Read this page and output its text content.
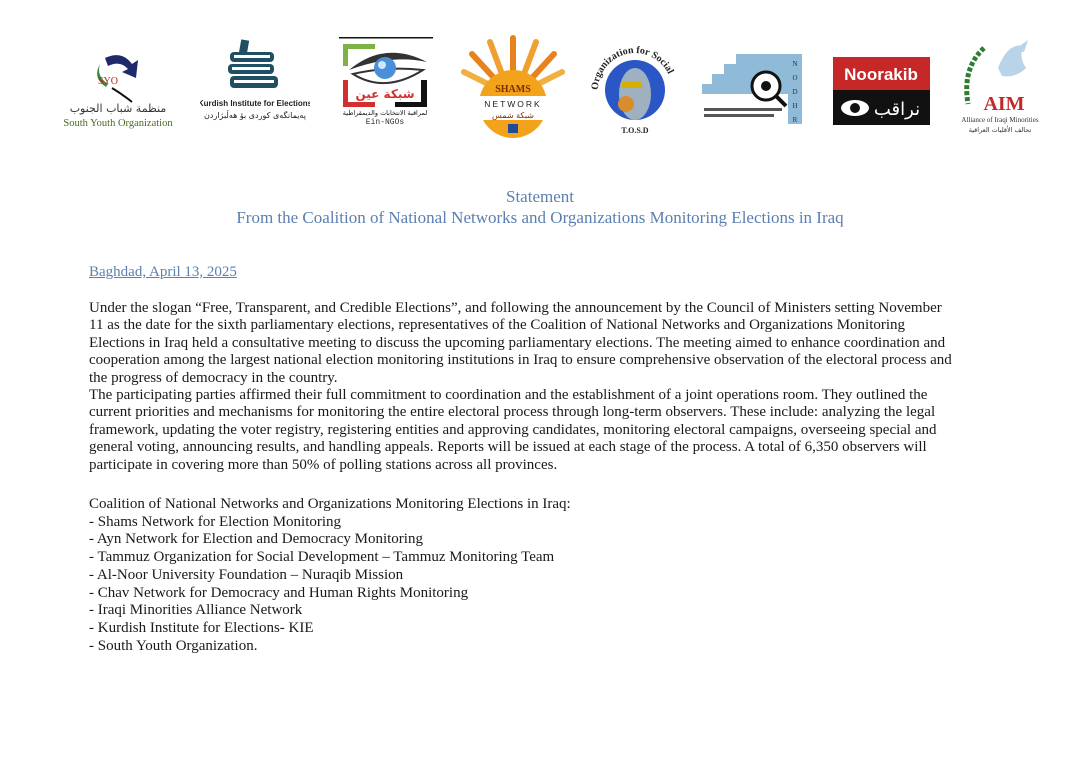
SYO
منظمة شباب الجنوب
South Youth Organization
Kurdish Institute for Elections
پەیمانگەی کوردی بۆ هەڵبژاردن
شبكة عين
لمراقبة الانتخابات والديمقراطية
Ein-NGOs
SHAMS
NETWORK
شبكة شمس
Organization for Social
T.O.S.D
N
O
D
H
R
Noorakib
نراقب	AIM
Alliance of Iraqi Minorities
تحالف الأقليات العراقية
Statement
From the Coalition of National Networks and Organizations Monitoring Elections in Iraq
Baghdad, April 13, 2025
Under the slogan “Free, Transparent, and Credible Elections”, and following the announcement by the Council of Ministers setting November
11 as the date for the sixth parliamentary elections, representatives of the Coalition of National Networks and Organizations Monitoring
Elections in Iraq held a consultative meeting to discuss the upcoming parliamentary elections. The meeting aimed to enhance coordination and
cooperation among the largest national election monitoring institutions in Iraq to ensure comprehensive observation of the electoral process and
the progress of democracy in the country.
The participating parties affirmed their full commitment to coordination and the establishment of a joint operations room. They outlined the
current priorities and mechanisms for monitoring the entire electoral process through long-term observers. These include: analyzing the legal
framework, updating the voter registry, registering entities and approving candidates, monitoring electoral campaigns, overseeing special and
general voting, announcing results, and handling appeals. Reports will be issued at each stage of the process. A total of 6,350 observers will
participate in covering more than 50% of polling stations across all provinces.
Coalition of National Networks and Organizations Monitoring Elections in Iraq:
- Shams Network for Election Monitoring
- Ayn Network for Election and Democracy Monitoring
- Tammuz Organization for Social Development – Tammuz Monitoring Team
- Al-Noor University Foundation – Nuraqib Mission
- Chav Network for Democracy and Human Rights Monitoring
- Iraqi Minorities Alliance Network
- Kurdish Institute for Elections- KIE
- South Youth Organization.
